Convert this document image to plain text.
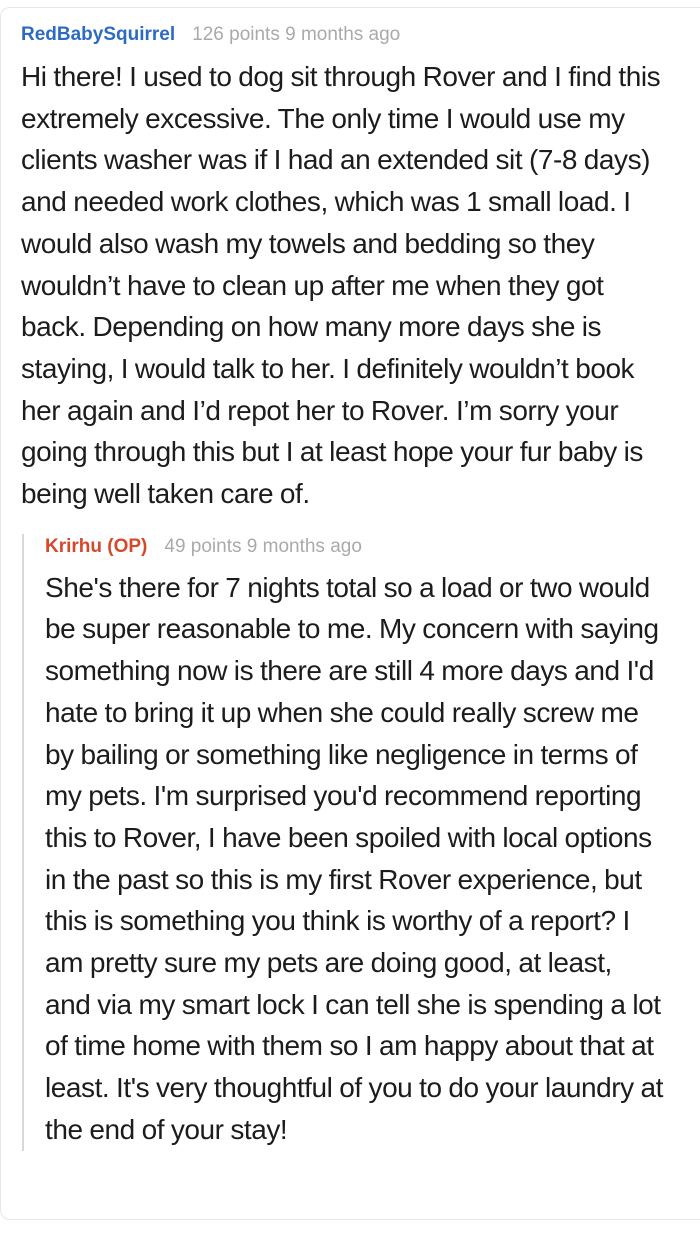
RedBabySquirrel 126 points 9 months ago
Hi there! I used to dog sit through Rover and I find this extremely excessive. The only time I would use my clients washer was if I had an extended sit (7-8 days) and needed work clothes, which was 1 small load. I would also wash my towels and bedding so they wouldn’t have to clean up after me when they got back. Depending on how many more days she is staying, I would talk to her. I definitely wouldn’t book her again and I’d repot her to Rover. I’m sorry your going through this but I at least hope your fur baby is being well taken care of.
Krirhu (OP) 49 points 9 months ago
She's there for 7 nights total so a load or two would be super reasonable to me. My concern with saying something now is there are still 4 more days and I'd hate to bring it up when she could really screw me by bailing or something like negligence in terms of my pets. I'm surprised you'd recommend reporting this to Rover, I have been spoiled with local options in the past so this is my first Rover experience, but this is something you think is worthy of a report? I am pretty sure my pets are doing good, at least, and via my smart lock I can tell she is spending a lot of time home with them so I am happy about that at least. It's very thoughtful of you to do your laundry at the end of your stay!
